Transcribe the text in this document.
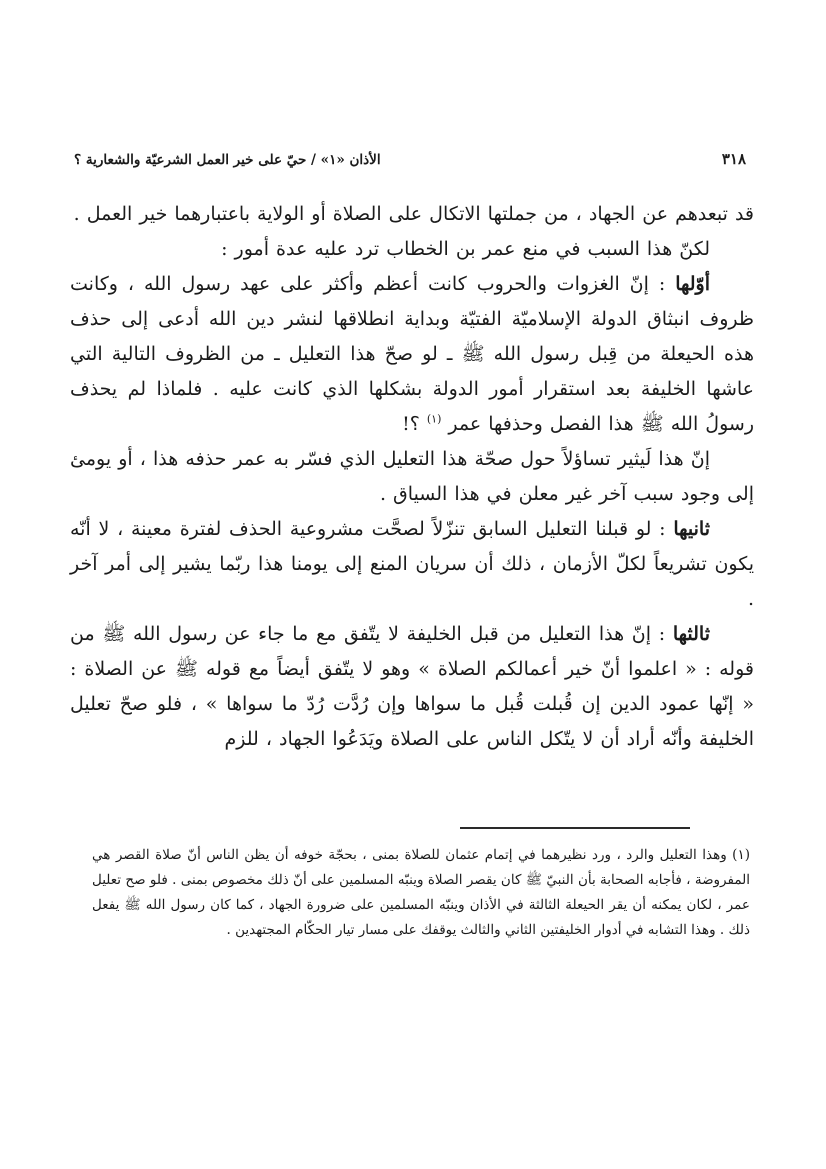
٣١٨
الأذان «١» / حيّ على خير العمل الشرعيّة والشعارية ؟

قد تبعدهم عن الجهاد ، من جملتها الاتكال على الصلاة أو الولاية باعتبارهما خير العمل .

لكنّ هذا السبب في منع عمر بن الخطاب ترد عليه عدة أمور :

أوّلها : إنّ الغزوات والحروب كانت أعظم وأكثر على عهد رسول الله ، وكانت ظروف انبثاق الدولة الإسلاميّة الفتيّة وبداية انطلاقها لنشر دين الله أدعى إلى حذف هذه الحيعلة من قِبل رسول الله ﷺ ـ لو صحّ هذا التعليل ـ من الظروف التالية التي عاشها الخليفة بعد استقرار أمور الدولة بشكلها الذي كانت عليه . فلماذا لم يحذف رسولُ الله ﷺ هذا الفصل وحذفها عمر $^{(١)}$ ؟!

إنّ هذا لَيثير تساؤلاً حول صحّة هذا التعليل الذي فسّر به عمر حذفه هذا ، أو يومئ إلى وجود سبب آخر غير معلن في هذا السياق .

ثانيها : لو قبلنا التعليل السابق تنزّلاً لصحَّت مشروعية الحذف لفترة معينة ، لا أنّه يكون تشريعاً لكلّ الأزمان ، ذلك أن سريان المنع إلى يومنا هذا ربّما يشير إلى أمر آخر .

ثالثها : إنّ هذا التعليل من قبل الخليفة لا يتّفق مع ما جاء عن رسول الله ﷺ من قوله : « اعلموا أنّ خير أعمالكم الصلاة » وهو لا يتّفق أيضاً مع قوله ﷺ عن الصلاة : « إنّها عمود الدين إن قُبلت قُبل ما سواها وإن رُدَّت رُدّ ما سواها » ، فلو صحّ تعليل الخليفة وأنّه أراد أن لا يتّكل الناس على الصلاة ويَدَعُوا الجهاد ، للزم

(١) وهذا التعليل والرد ، ورد نظيرهما في إتمام عثمان للصلاة بمنى ، بحجّة خوفه أن يظن الناس أنّ صلاة القصر هي المفروضة ، فأجابه الصحابة بأن النبيّ ﷺ كان يقصر الصلاة وينبّه المسلمين على أنّ ذلك مخصوص بمنى . فلو صح تعليل عمر ، لكان يمكنه أن يقر الحيعلة الثالثة في الأذان وينبّه المسلمين على ضرورة الجهاد ، كما كان رسول الله ﷺ يفعل ذلك . وهذا التشابه في أدوار الخليفتين الثاني والثالث يوقفك على مسار تيار الحكّام المجتهدين .
